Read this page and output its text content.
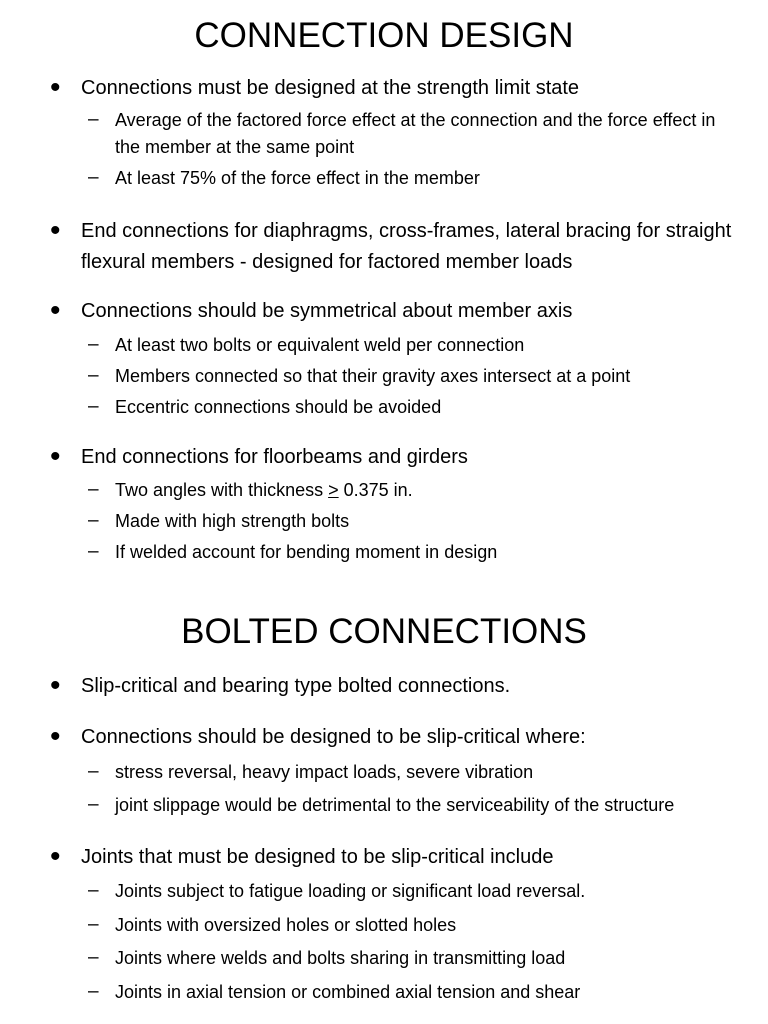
CONNECTION DESIGN
• Connections must be designed at the strength limit state
– Average of the factored force effect at the connection and the force effect in the member at the same point
– At least 75% of the force effect in the member
• End connections for diaphragms, cross-frames, lateral bracing for straight flexural members - designed for factored member loads
• Connections should be symmetrical about member axis
– At least two bolts or equivalent weld per connection
– Members connected so that their gravity axes intersect at a point
– Eccentric connections should be avoided
• End connections for floorbeams and girders
– Two angles with thickness ≥ 0.375 in.
– Made with high strength bolts
– If welded account for bending moment in design
BOLTED CONNECTIONS
• Slip-critical and bearing type bolted connections.
• Connections should be designed to be slip-critical where:
– stress reversal, heavy impact loads, severe vibration
– joint slippage would be detrimental to the serviceability of the structure
• Joints that must be designed to be slip-critical include
– Joints subject to fatigue loading or significant load reversal.
– Joints with oversized holes or slotted holes
– Joints where welds and bolts sharing in transmitting load
– Joints in axial tension or combined axial tension and shear
